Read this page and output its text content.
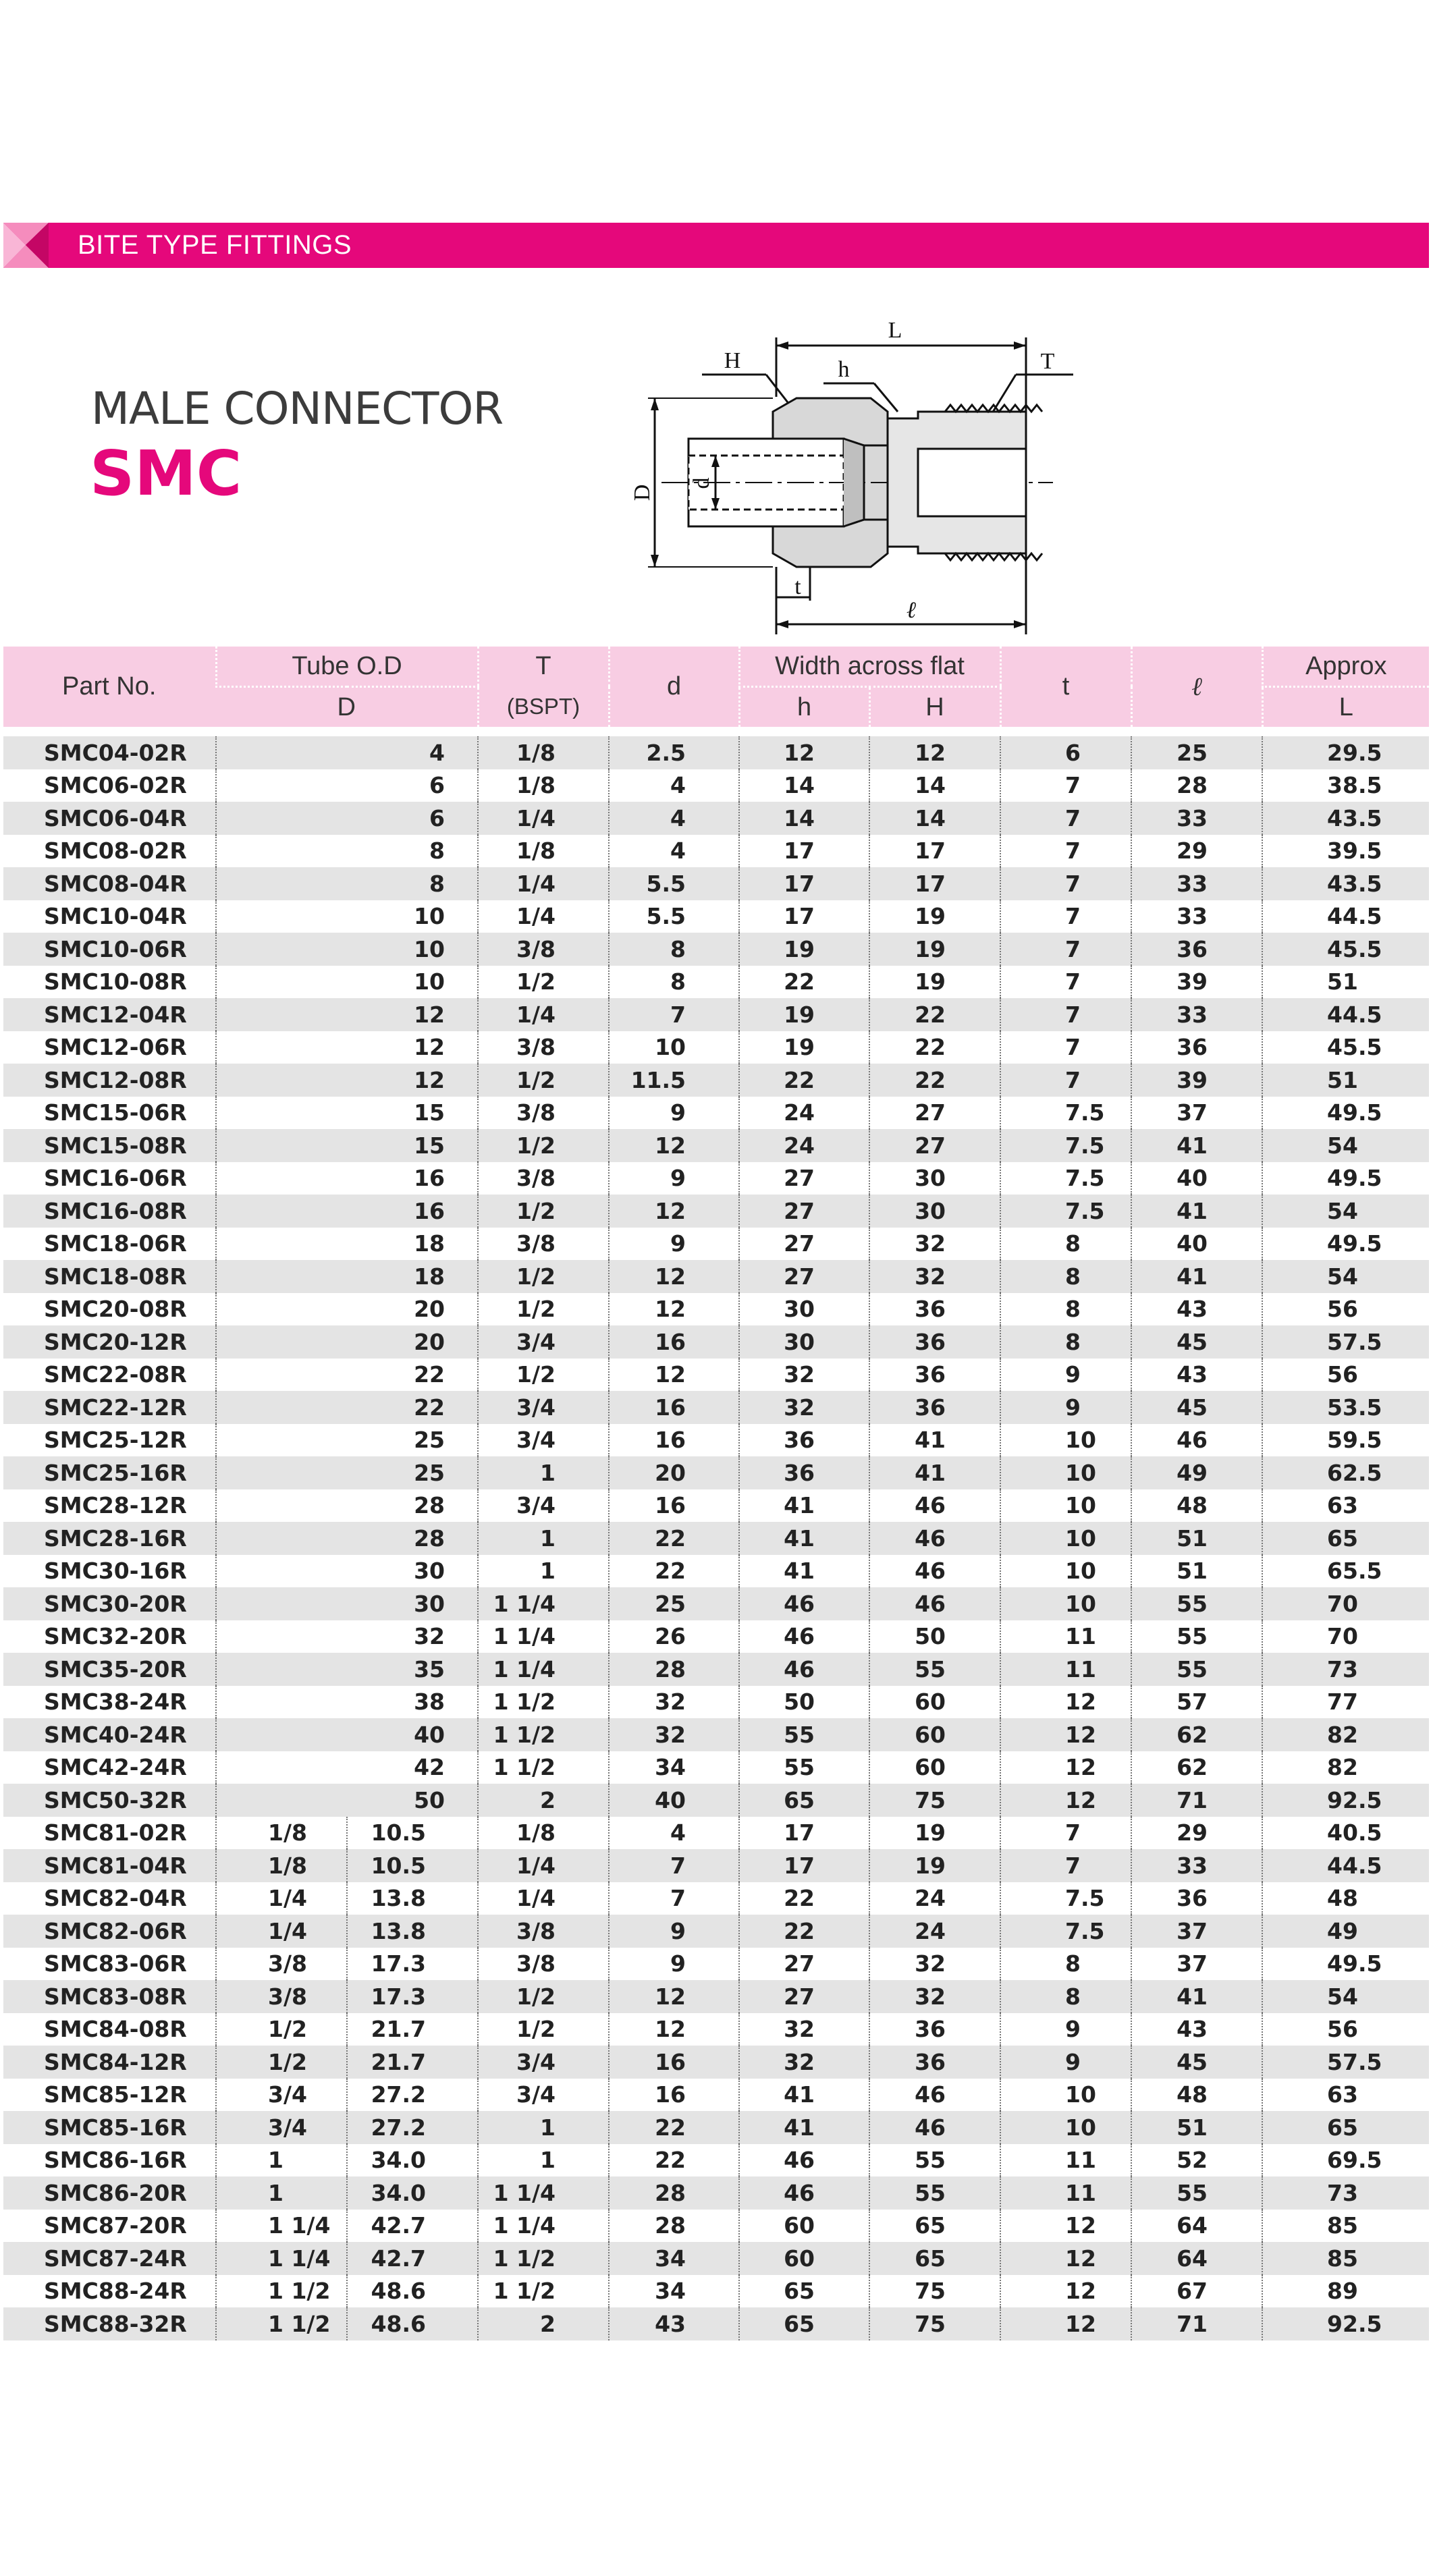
BITE TYPE FITTINGS
MALE CONNECTOR
SMC
L
H	h	T
D
d
t
ℓ
Part No.	Tube O.D		T	d	Width across flat		t	ℓ	Approx
	D		(BSPT)		h	H			L

SMC04-02R	4		1/8	2.5	12	12	6	25	29.5
SMC06-02R	6		1/8	4	14	14	7	28	38.5
SMC06-04R	6		1/4	4	14	14	7	33	43.5
SMC08-02R	8		1/8	4	17	17	7	29	39.5
SMC08-04R	8		1/4	5.5	17	17	7	33	43.5
SMC10-04R	10		1/4	5.5	17	19	7	33	44.5
SMC10-06R	10		3/8	8	19	19	7	36	45.5
SMC10-08R	10		1/2	8	22	19	7	39	51
SMC12-04R	12		1/4	7	19	22	7	33	44.5
SMC12-06R	12		3/8	10	19	22	7	36	45.5
SMC12-08R	12		1/2	11.5	22	22	7	39	51
SMC15-06R	15		3/8	9	24	27	7.5	37	49.5
SMC15-08R	15		1/2	12	24	27	7.5	41	54
SMC16-06R	16		3/8	9	27	30	7.5	40	49.5
SMC16-08R	16		1/2	12	27	30	7.5	41	54
SMC18-06R	18		3/8	9	27	32	8	40	49.5
SMC18-08R	18		1/2	12	27	32	8	41	54
SMC20-08R	20		1/2	12	30	36	8	43	56
SMC20-12R	20		3/4	16	30	36	8	45	57.5
SMC22-08R	22		1/2	12	32	36	9	43	56
SMC22-12R	22		3/4	16	32	36	9	45	53.5
SMC25-12R	25		3/4	16	36	41	10	46	59.5
SMC25-16R	25		1	20	36	41	10	49	62.5
SMC28-12R	28		3/4	16	41	46	10	48	63
SMC28-16R	28		1	22	41	46	10	51	65
SMC30-16R	30		1	22	41	46	10	51	65.5
SMC30-20R	30		1 1/4	25	46	46	10	55	70
SMC32-20R	32		1 1/4	26	46	50	11	55	70
SMC35-20R	35		1 1/4	28	46	55	11	55	73
SMC38-24R	38		1 1/2	32	50	60	12	57	77
SMC40-24R	40		1 1/2	32	55	60	12	62	82
SMC42-24R	42		1 1/2	34	55	60	12	62	82
SMC50-32R	50		2	40	65	75	12	71	92.5
SMC81-02R	1/8	10.5	1/8	4	17	19	7	29	40.5
SMC81-04R	1/8	10.5	1/4	7	17	19	7	33	44.5
SMC82-04R	1/4	13.8	1/4	7	22	24	7.5	36	48
SMC82-06R	1/4	13.8	3/8	9	22	24	7.5	37	49
SMC83-06R	3/8	17.3	3/8	9	27	32	8	37	49.5
SMC83-08R	3/8	17.3	1/2	12	27	32	8	41	54
SMC84-08R	1/2	21.7	1/2	12	32	36	9	43	56
SMC84-12R	1/2	21.7	3/4	16	32	36	9	45	57.5
SMC85-12R	3/4	27.2	3/4	16	41	46	10	48	63
SMC85-16R	3/4	27.2	1	22	41	46	10	51	65
SMC86-16R	1	34.0	1	22	46	55	11	52	69.5
SMC86-20R	1	34.0	1 1/4	28	46	55	11	55	73
SMC87-20R	1 1/4	42.7	1 1/4	28	60	65	12	64	85
SMC87-24R	1 1/4	42.7	1 1/2	34	60	65	12	64	85
SMC88-24R	1 1/2	48.6	1 1/2	34	65	75	12	67	89
SMC88-32R	1 1/2	48.6	2	43	65	75	12	71	92.5
